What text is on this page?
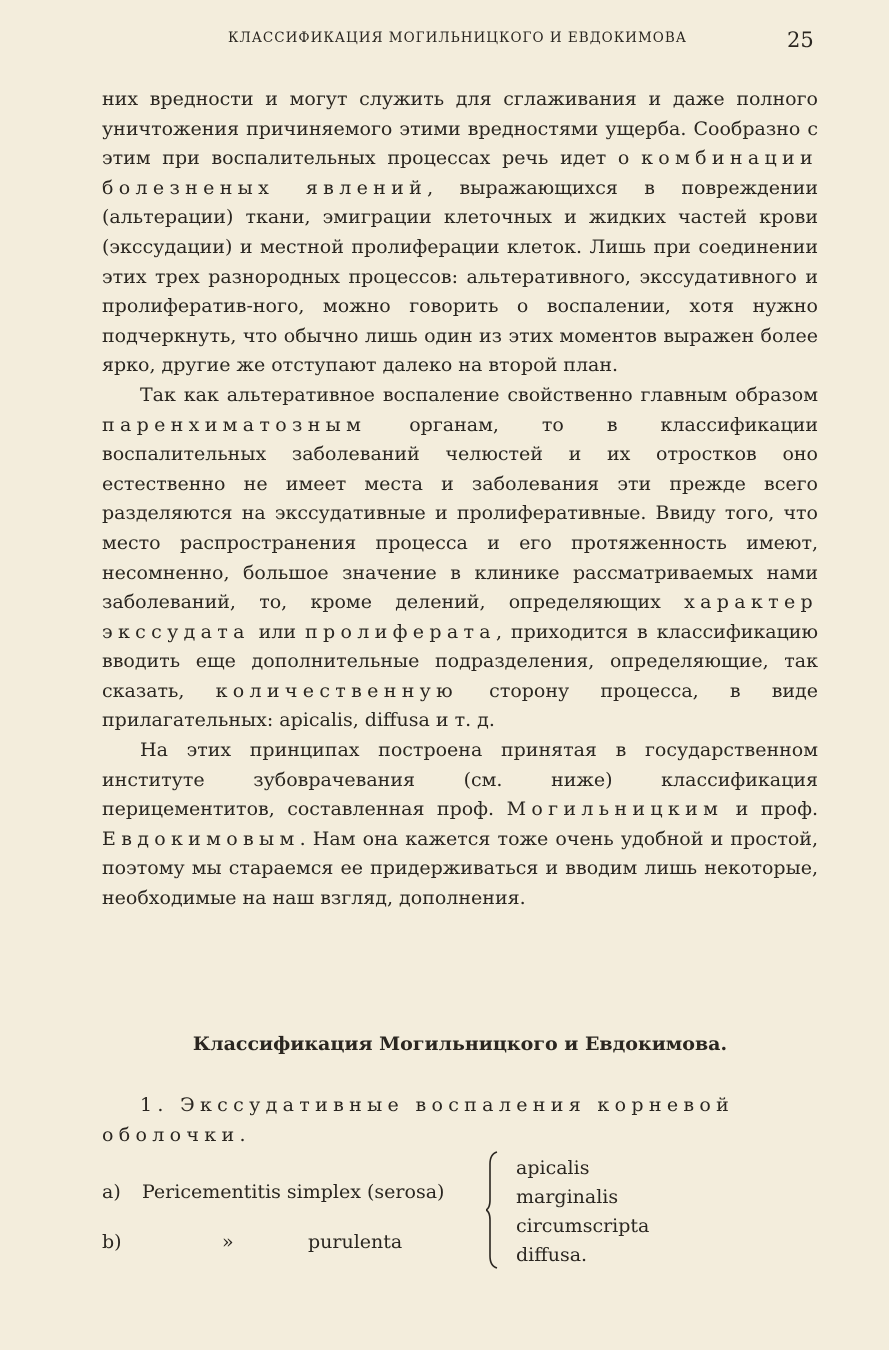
КЛАССИФИКАЦИЯ МОГИЛЬНИЦКОГО И ЕВДОКИМОВА	25

них вредности и могут служить для сглаживания и даже полного уничтожения причиняемого этими вредностями ущерба. Сообразно с этим при воспалительных процессах речь идет о комбинации болезненых явлений, выражающихся в повреждении (альтерации) ткани, эмиграции клеточных и жидких частей крови (экссудации) и местной пролиферации клеток. Лишь при соединении этих трех разнородных процессов: альтеративного, экссудативного и пролифератив-ного, можно говорить о воспалении, хотя нужно подчеркнуть, что обычно лишь один из этих моментов выражен более ярко, другие же отступают далеко на второй план.

Так как альтеративное воспаление свойственно главным образом паренхиматозным органам, то в классификации воспалительных заболеваний челюстей и их отростков оно естественно не имеет места и заболевания эти прежде всего разделяются на экссудативные и пролиферативные. Ввиду того, что место распространения процесса и его протяженность имеют, несомненно, большое значение в клинике рассматриваемых нами заболеваний, то, кроме делений, определяющих характер экссудата или пролиферата, приходится в классификацию вводить еще дополнительные подразделения, определяющие, так сказать, количественную сторону процесса, в виде прилагательных: apicalis, diffusa и т. д.

На этих принципах построена принятая в государственном институте зубоврачевания (см. ниже) классификация перицементитов, составленная проф. Могильницким и проф. Евдокимовым. Нам она кажется тоже очень удобной и простой, поэтому мы стараемся ее придерживаться и вводим лишь некоторые, необходимые на наш взгляд, дополнения.

Классификация Могильницкого и Евдокимова.

1. Экссудативные воспаления корневой оболочки.

a) Pericementitis simplex (serosa)
b)	»	purulenta
apicalis
marginalis
circumscripta
diffusa.
